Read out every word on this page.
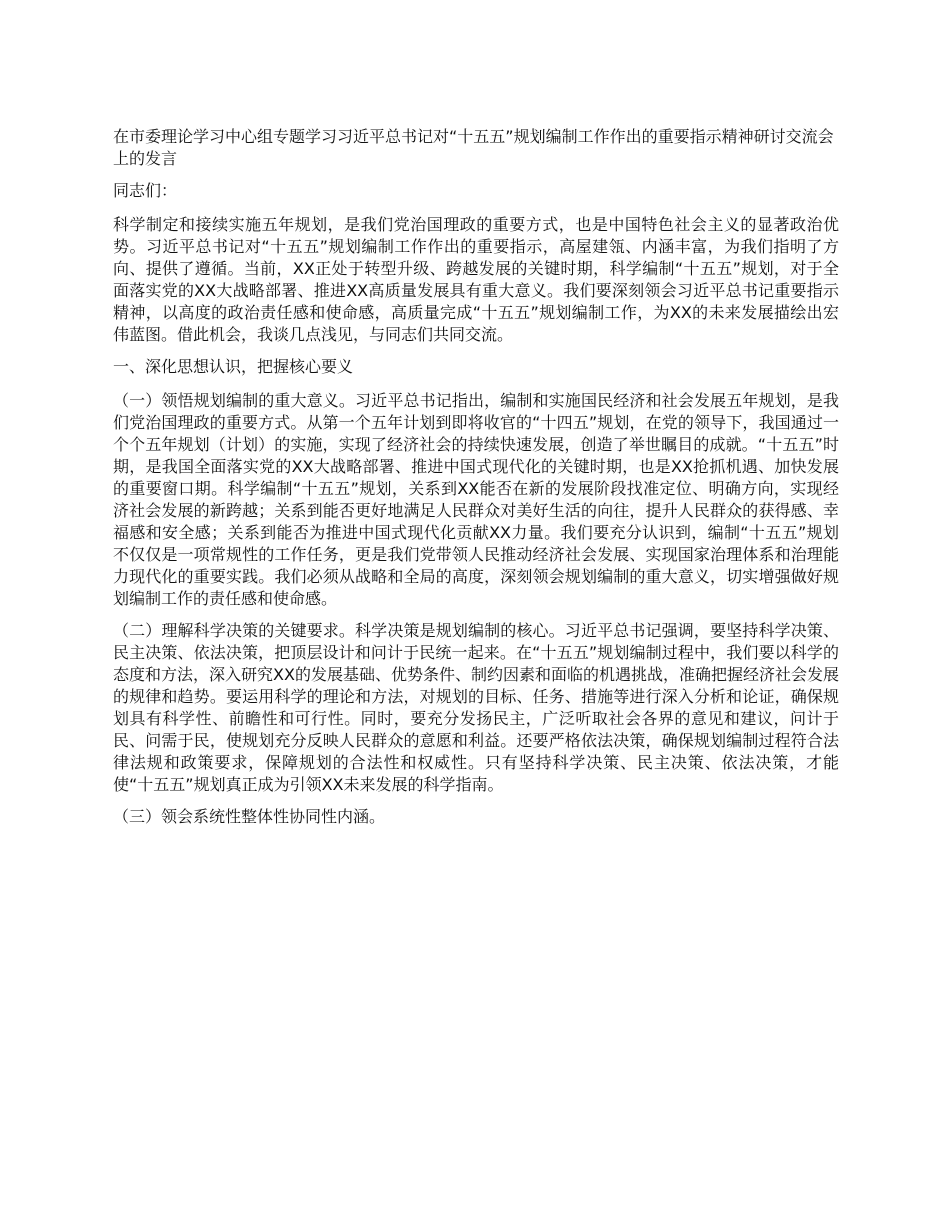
在市委理论学习中心组专题学习习近平总书记对“十五五”规划编制工作作出的重要指示精神研讨交流会上的发言
同志们：
科学制定和接续实施五年规划，是我们党治国理政的重要方式，也是中国特色社会主义的显著政治优势。习近平总书记对“十五五”规划编制工作作出的重要指示，高屋建瓴、内涵丰富，为我们指明了方向、提供了遵循。当前，XX正处于转型升级、跨越发展的关键时期，科学编制“十五五”规划，对于全面落实党的XX大战略部署、推进XX高质量发展具有重大意义。我们要深刻领会习近平总书记重要指示精神，以高度的政治责任感和使命感，高质量完成“十五五”规划编制工作，为XX的未来发展描绘出宏伟蓝图。借此机会，我谈几点浅见，与同志们共同交流。
一、深化思想认识，把握核心要义
（一）领悟规划编制的重大意义。习近平总书记指出，编制和实施国民经济和社会发展五年规划，是我们党治国理政的重要方式。从第一个五年计划到即将收官的“十四五”规划，在党的领导下，我国通过一个个五年规划（计划）的实施，实现了经济社会的持续快速发展，创造了举世瞩目的成就。“十五五”时期，是我国全面落实党的XX大战略部署、推进中国式现代化的关键时期，也是XX抢抓机遇、加快发展的重要窗口期。科学编制“十五五”规划，关系到XX能否在新的发展阶段找准定位、明确方向，实现经济社会发展的新跨越；关系到能否更好地满足人民群众对美好生活的向往，提升人民群众的获得感、幸福感和安全感；关系到能否为推进中国式现代化贡献XX力量。我们要充分认识到，编制“十五五”规划不仅仅是一项常规性的工作任务，更是我们党带领人民推动经济社会发展、实现国家治理体系和治理能力现代化的重要实践。我们必须从战略和全局的高度，深刻领会规划编制的重大意义，切实增强做好规划编制工作的责任感和使命感。
（二）理解科学决策的关键要求。科学决策是规划编制的核心。习近平总书记强调，要坚持科学决策、民主决策、依法决策，把顶层设计和问计于民统一起来。在“十五五”规划编制过程中，我们要以科学的态度和方法，深入研究XX的发展基础、优势条件、制约因素和面临的机遇挑战，准确把握经济社会发展的规律和趋势。要运用科学的理论和方法，对规划的目标、任务、措施等进行深入分析和论证，确保规划具有科学性、前瞻性和可行性。同时，要充分发扬民主，广泛听取社会各界的意见和建议，问计于民、问需于民，使规划充分反映人民群众的意愿和利益。还要严格依法决策，确保规划编制过程符合法律法规和政策要求，保障规划的合法性和权威性。只有坚持科学决策、民主决策、依法决策，才能使“十五五”规划真正成为引领XX未来发展的科学指南。
（三）领会系统性整体性协同性内涵。
